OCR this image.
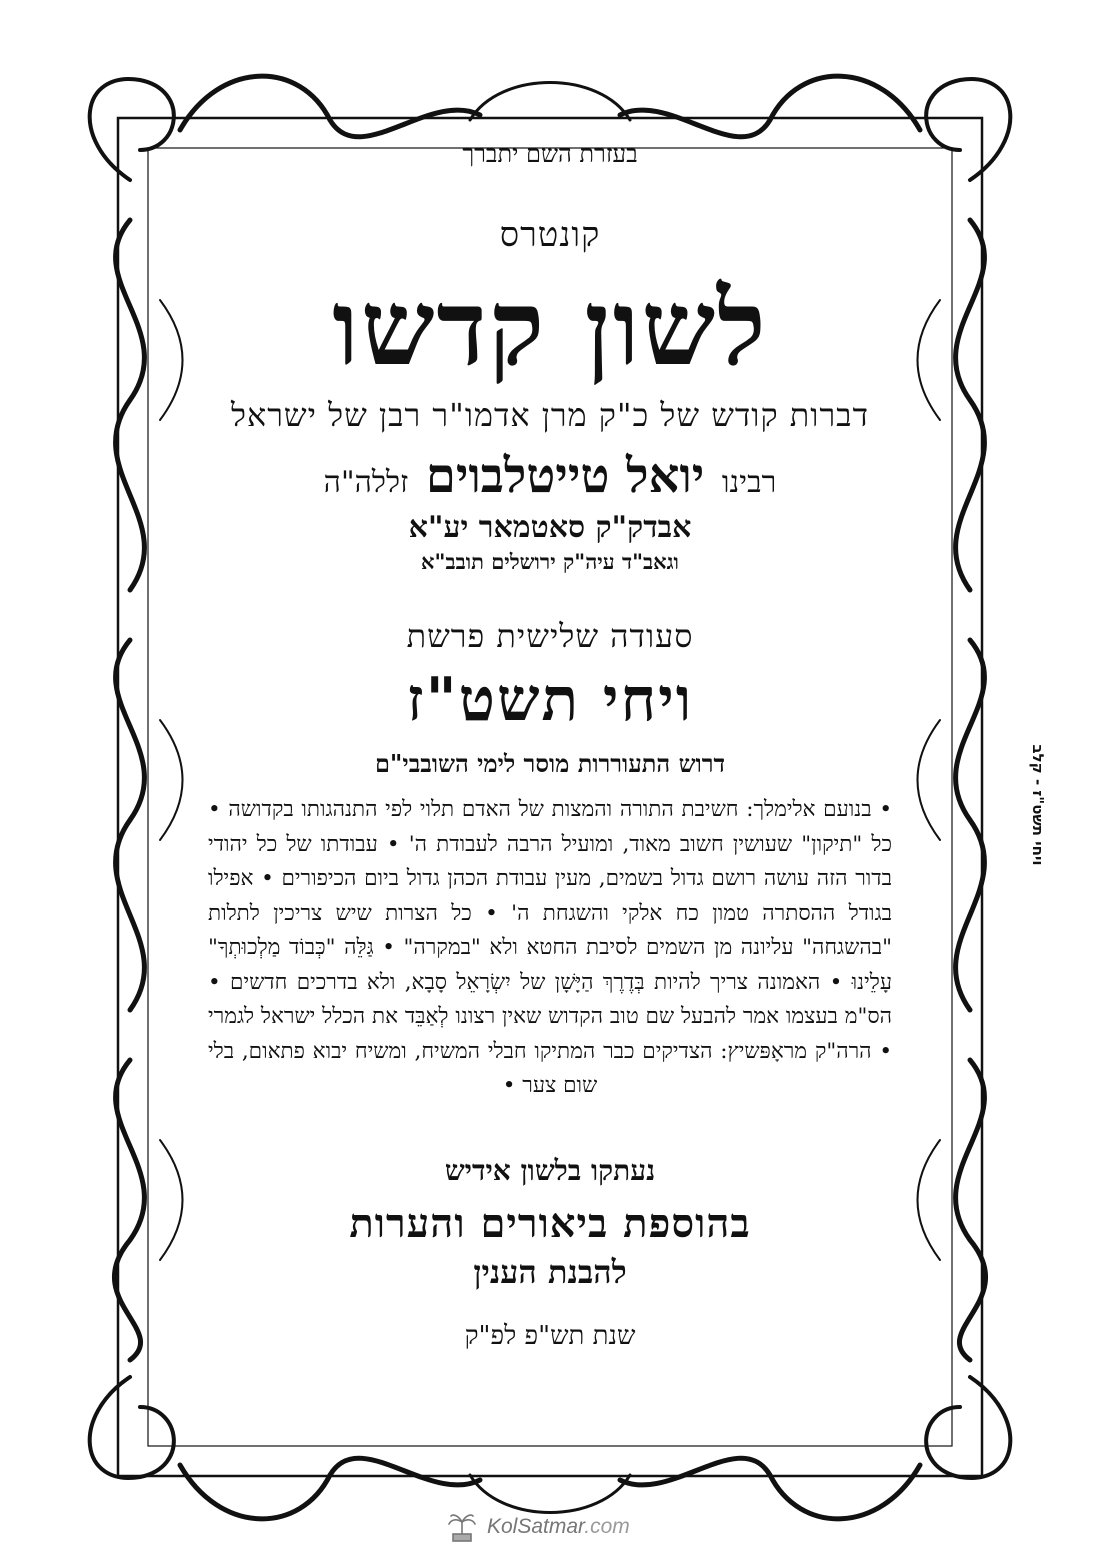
בעזרת השם יתברך

קונטרס

לשון קדשו

דברות קודש של כ"ק מרן אדמו"ר רבן של ישראל

רבינו יואל טייטלבוים זללה"ה

אבדק"ק סאטמאר יע"א

וגאב"ד עיה"ק ירושלים תובב"א

סעודה שלישית פרשת

ויחי תשט"ז

דרוש התעוררות מוסר לימי השובבי"ם

• בנועם אלימלך: חשיבת התורה והמצות של האדם תלוי לפי התנהגותו בקדושה • כל "תיקון" שעושין חשוב מאוד, ומועיל הרבה לעבודת ה' • עבודתו של כל יהודי בדור הזה עושה רושם גדול בשמים, מעין עבודת הכהן גדול ביום הכיפורים • אפילו בגודל ההסתרה טמון כח אלקי והשגחת ה' • כל הצרות שיש צריכין לתלות "בהשגחה" עליונה מן השמים לסיבת החטא ולא "במקרה" • גַּלֵּה "כְּבוֹד מַלְכוּתְךָ" עָלֵינוּ • האמונה צריך להיות בְּדֶרֶךְ הַיָּשָׁן של יִשְׂרָאֵל סָבָא, ולא בדרכים חדשים • הס"מ בעצמו אמר להבעל שם טוב הקדוש שאין רצונו לְאַבֵּד את הכלל ישראל לגמרי • הרה"ק מראָפּשיץ: הצדיקים כבר המתיקו חבלי המשיח, ומשיח יבוא פתאום, בלי שום צער •

נעתקו בלשון אידיש

בהוספת ביאורים והערות

להבנת הענין

שנת תש"פ לפ"ק

ויחי תשט"ז - קלב
KolSatmar.com
